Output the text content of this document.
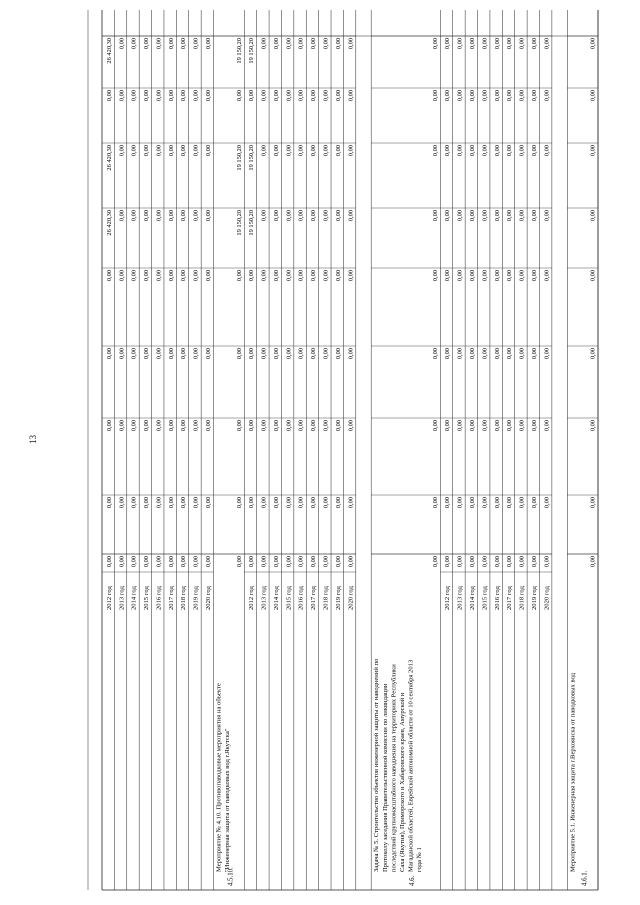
13
2012 год
26 420,30
0,00
26 420,30
26 420,30
0,00
0,00
0,00
0,00
0,00
2013 год
0,00
0,00
0,00
0,00
0,00
0,00
0,00
0,00
0,00
2014 год
0,00
0,00
0,00
0,00
0,00
0,00
0,00
0,00
0,00
2015 год
0,00
0,00
0,00
0,00
0,00
0,00
0,00
0,00
0,00
2016 год
0,00
0,00
0,00
0,00
0,00
0,00
0,00
0,00
0,00
2017 год
0,00
0,00
0,00
0,00
0,00
0,00
0,00
0,00
0,00
2018 год
0,00
0,00
0,00
0,00
0,00
0,00
0,00
0,00
0,00
2019 год
0,00
0,00
0,00
0,00
0,00
0,00
0,00
0,00
0,00
2020 год
0,00
0,00
0,00
0,00
0,00
0,00
0,00
0,00
0,00
4.5.10.
Мероприятие № 4.10. Противопаводковые мероприятия на объекте "Инженерная защита от паводковых вод г.Якутска"
19 150,20
0,00
19 150,20
19 150,20
0,00
0,00
0,00
0,00
0,00
2012 год
19 150,20
0,00
19 150,20
19 150,20
0,00
0,00
0,00
0,00
0,00
2013 год
0,00
0,00
0,00
0,00
0,00
0,00
0,00
0,00
0,00
2014 год
0,00
0,00
0,00
0,00
0,00
0,00
0,00
0,00
0,00
2015 год
0,00
0,00
0,00
0,00
0,00
0,00
0,00
0,00
0,00
2016 год
0,00
0,00
0,00
0,00
0,00
0,00
0,00
0,00
0,00
2017 год
0,00
0,00
0,00
0,00
0,00
0,00
0,00
0,00
0,00
2018 год
0,00
0,00
0,00
0,00
0,00
0,00
0,00
0,00
0,00
2019 год
0,00
0,00
0,00
0,00
0,00
0,00
0,00
0,00
0,00
2020 год
0,00
0,00
0,00
0,00
0,00
0,00
0,00
0,00
0,00
4.6.
Задача № 5. Строительство объектов инженерной защиты от наводнений по Протоколу заседания Правительственной комиссии по ликвидации последствий крупномасштабного наводнения на территориях Республики Саха (Якутия), Приморского и Хабаровского краев, Амурской и Магаданской областей, Еврейской автономной области от 10 сентября 2013 года № 1
0,00
0,00
0,00
0,00
0,00
0,00
0,00
0,00
0,00
2012 год
0,00
0,00
0,00
0,00
0,00
0,00
0,00
0,00
0,00
2013 год
0,00
0,00
0,00
0,00
0,00
0,00
0,00
0,00
0,00
2014 год
0,00
0,00
0,00
0,00
0,00
0,00
0,00
0,00
0,00
2015 год
0,00
0,00
0,00
0,00
0,00
0,00
0,00
0,00
0,00
2016 год
0,00
0,00
0,00
0,00
0,00
0,00
0,00
0,00
0,00
2017 год
0,00
0,00
0,00
0,00
0,00
0,00
0,00
0,00
0,00
2018 год
0,00
0,00
0,00
0,00
0,00
0,00
0,00
0,00
0,00
2019 год
0,00
0,00
0,00
0,00
0,00
0,00
0,00
0,00
0,00
2020 год
0,00
0,00
0,00
0,00
0,00
0,00
0,00
0,00
0,00
4.6.1.
Мероприятие 5.1. Инженерная защита г.Верхоянска от паводковых вод
0,00
0,00
0,00
0,00
0,00
0,00
0,00
0,00
0,00
